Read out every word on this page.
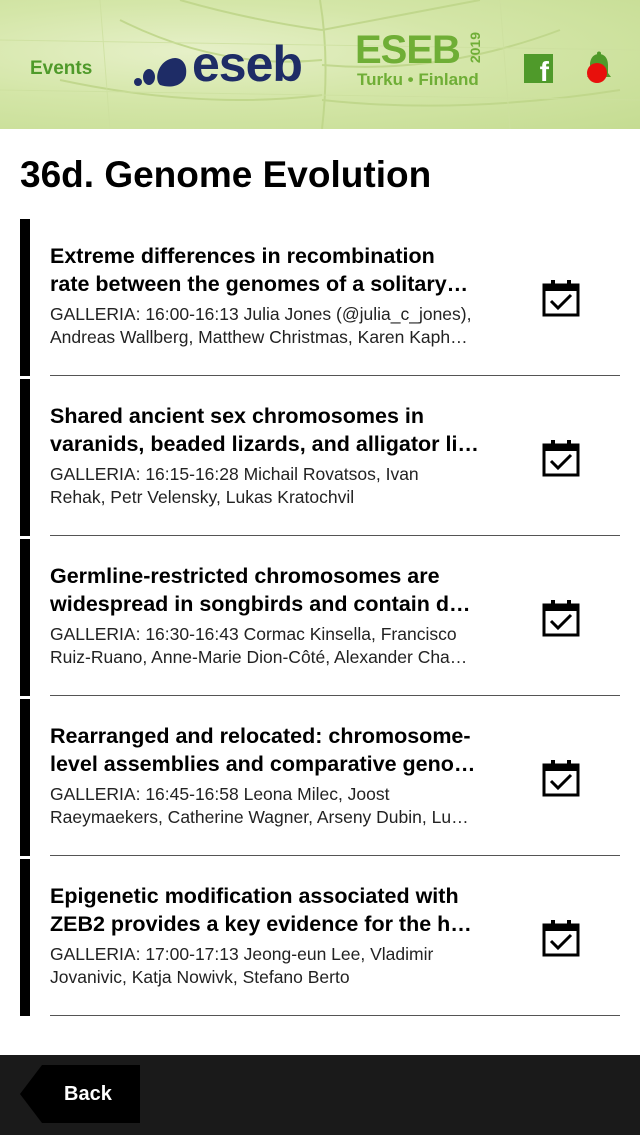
Events eseb ESEB 2019
Turku • Finland f
36d. Genome Evolution
Extreme differences in recombination
rate between the genomes of a solitary…
GALLERIA: 16:00-16:13 Julia Jones (@julia_c_jones),
Andreas Wallberg, Matthew Christmas, Karen Kaph…
Shared ancient sex chromosomes in
varanids, beaded lizards, and alligator li…
GALLERIA: 16:15-16:28 Michail Rovatsos, Ivan
Rehak, Petr Velensky, Lukas Kratochvil
Germline-restricted chromosomes are
widespread in songbirds and contain d…
GALLERIA: 16:30-16:43 Cormac Kinsella, Francisco
Ruiz-Ruano, Anne-Marie Dion-Côté, Alexander Cha…
Rearranged and relocated: chromosome-
level assemblies and comparative geno…
GALLERIA: 16:45-16:58 Leona Milec, Joost
Raeymaekers, Catherine Wagner, Arseny Dubin, Lu…
Epigenetic modification associated with
ZEB2 provides a key evidence for the h…
GALLERIA: 17:00-17:13 Jeong-eun Lee, Vladimir
Jovanivic, Katja Nowivk, Stefano Berto
Back
